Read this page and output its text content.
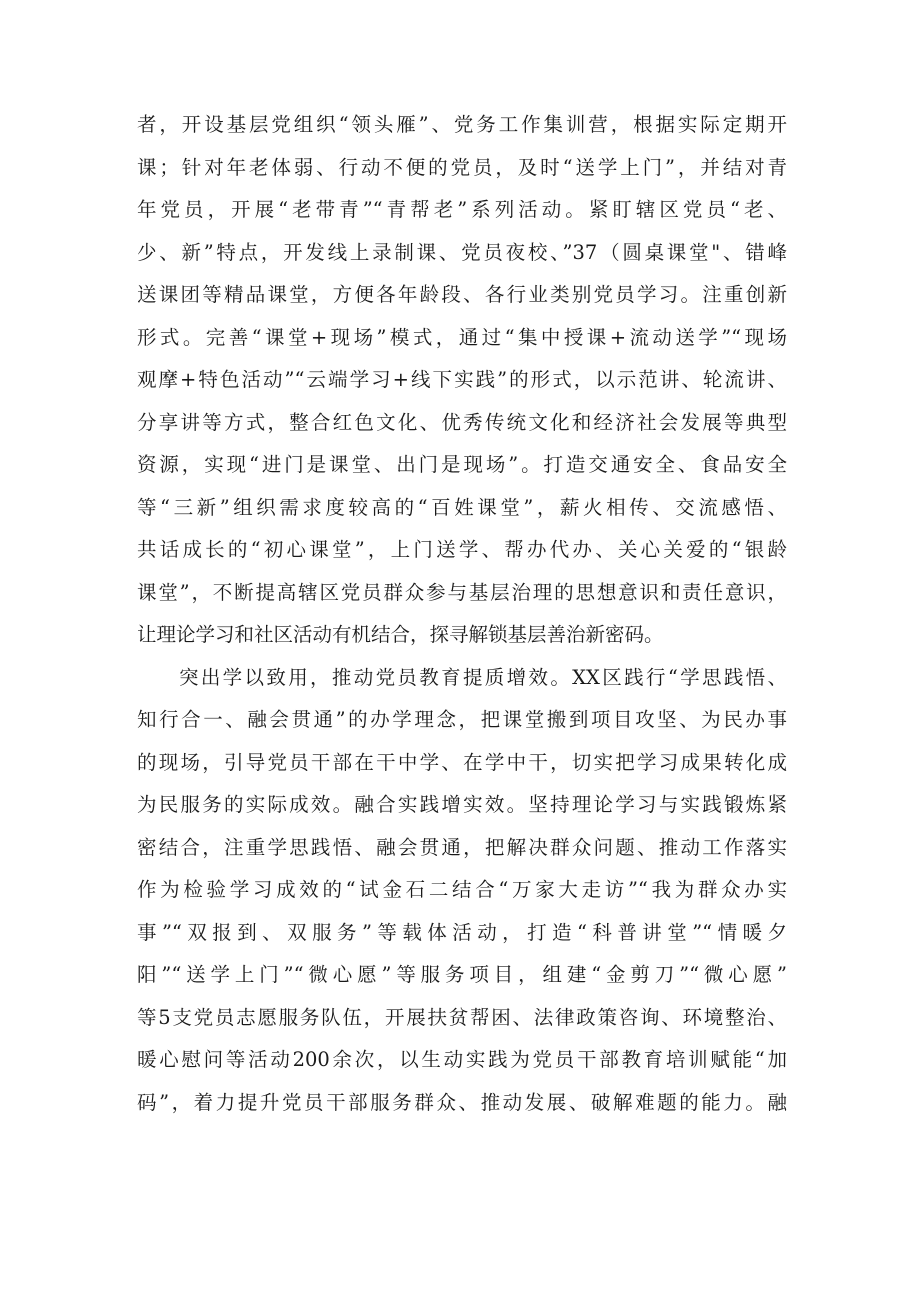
者，开设基层党组织“领头雁”、党务工作集训营，根据实际定期开
课；针对年老体弱、行动不便的党员，及时“送学上门”，并结对青
年党员，开展“老带青”“青帮老”系列活动。紧盯辖区党员“老、
少、新”特点，开发线上录制课、党员夜校、”37（圆桌课堂"、错峰
送课团等精品课堂，方便各年龄段、各行业类别党员学习。注重创新
形式。完善“课堂+现场”模式，通过“集中授课+流动送学”“现场
观摩+特色活动”“云端学习+线下实践”的形式，以示范讲、轮流讲、
分享讲等方式，整合红色文化、优秀传统文化和经济社会发展等典型
资源，实现“进门是课堂、出门是现场”。打造交通安全、食品安全
等“三新”组织需求度较高的“百姓课堂”，薪火相传、交流感悟、
共话成长的“初心课堂”，上门送学、帮办代办、关心关爱的“银龄
课堂”，不断提高辖区党员群众参与基层治理的思想意识和责任意识，
让理论学习和社区活动有机结合，探寻解锁基层善治新密码。
突出学以致用，推动党员教育提质增效。XX区践行“学思践悟、
知行合一、融会贯通”的办学理念，把课堂搬到项目攻坚、为民办事
的现场，引导党员干部在干中学、在学中干，切实把学习成果转化成
为民服务的实际成效。融合实践增实效。坚持理论学习与实践锻炼紧
密结合，注重学思践悟、融会贯通，把解决群众问题、推动工作落实
作为检验学习成效的“试金石二结合“万家大走访”“我为群众办实
事”“双报到、双服务”等载体活动，打造“科普讲堂”“情暖夕
阳”“送学上门”“微心愿”等服务项目，组建“金剪刀”“微心愿”
等5支党员志愿服务队伍，开展扶贫帮困、法律政策咨询、环境整治、
暖心慰问等活动200余次，以生动实践为党员干部教育培训赋能“加
码”，着力提升党员干部服务群众、推动发展、破解难题的能力。融
